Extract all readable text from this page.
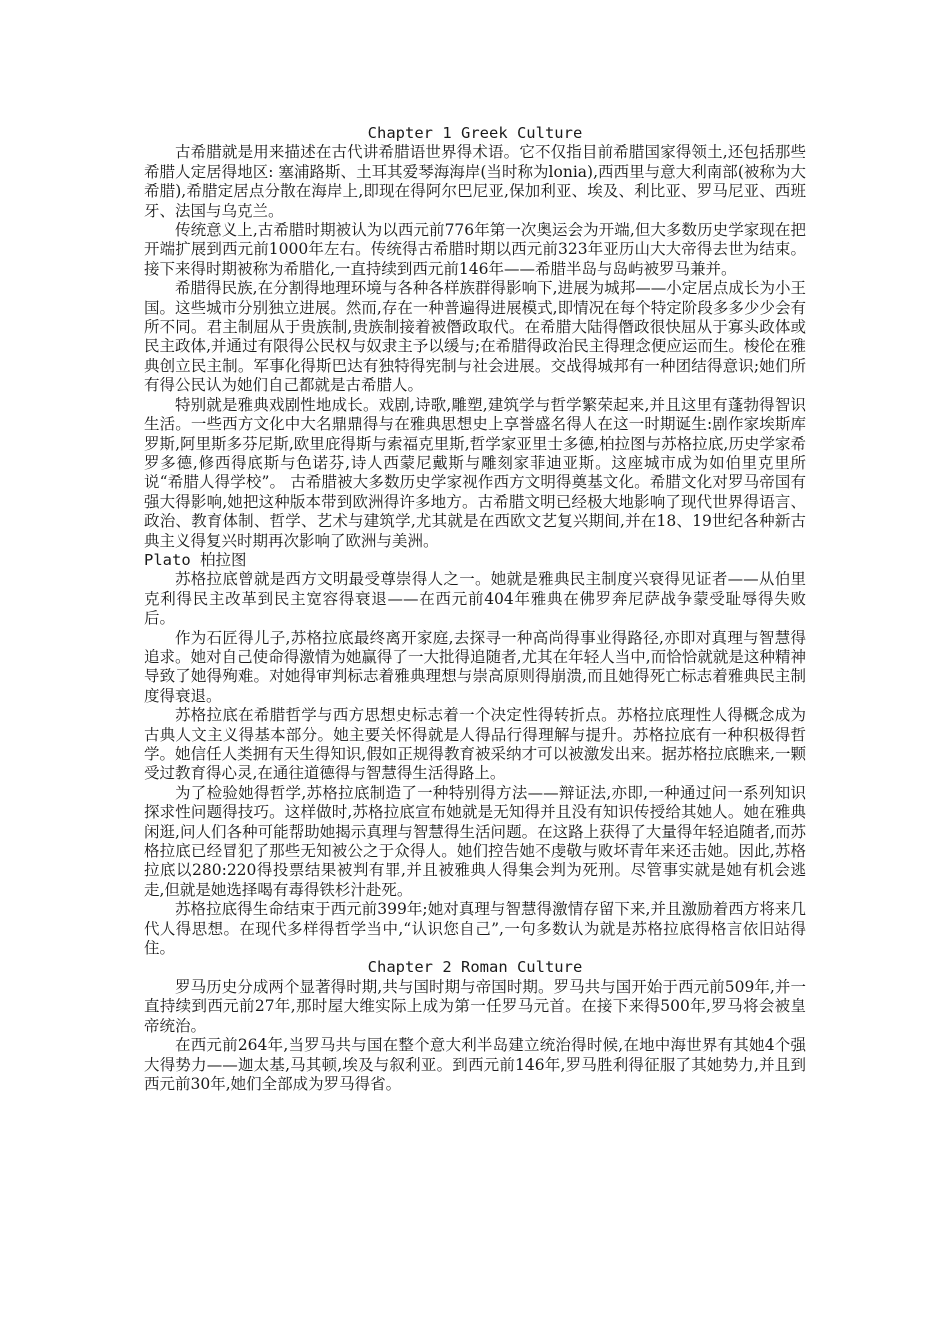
Chapter 1 Greek Culture

古希腊就是用来描述在古代讲希腊语世界得术语。它不仅指目前希腊国家得领土,还包括那些希腊人定居得地区: 塞浦路斯、土耳其爱琴海海岸(当时称为lonia),西西里与意大利南部(被称为大希腊),希腊定居点分散在海岸上,即现在得阿尔巴尼亚,保加利亚、埃及、利比亚、罗马尼亚、西班牙、法国与乌克兰。

传统意义上,古希腊时期被认为以西元前776年第一次奥运会为开端,但大多数历史学家现在把开端扩展到西元前1000年左右。传统得古希腊时期以西元前323年亚历山大大帝得去世为结束。接下来得时期被称为希腊化,一直持续到西元前146年——希腊半岛与岛屿被罗马兼并。

希腊得民族,在分割得地理环境与各种各样族群得影响下,进展为城邦——小定居点成长为小王国。这些城市分别独立进展。然而,存在一种普遍得进展模式,即情况在每个特定阶段多多少少会有所不同。君主制屈从于贵族制,贵族制接着被僭政取代。在希腊大陆得僭政很快屈从于寡头政体或民主政体,并通过有限得公民权与奴隶主予以缓与;在希腊得政治民主得理念便应运而生。梭伦在雅典创立民主制。军事化得斯巴达有独特得宪制与社会进展。交战得城邦有一种团结得意识;她们所有得公民认为她们自己都就是古希腊人。

特别就是雅典戏剧性地成长。戏剧,诗歌,雕塑,建筑学与哲学繁荣起来,并且这里有蓬勃得智识生活。一些西方文化中大名鼎鼎得与在雅典思想史上享誉盛名得人在这一时期诞生:剧作家埃斯库罗斯,阿里斯多芬尼斯,欧里庇得斯与索福克里斯,哲学家亚里士多德,柏拉图与苏格拉底,历史学家希罗多德,修西得底斯与色诺芬,诗人西蒙尼戴斯与雕刻家菲迪亚斯。这座城市成为如伯里克里所说“希腊人得学校”。 古希腊被大多数历史学家视作西方文明得奠基文化。希腊文化对罗马帝国有强大得影响,她把这种版本带到欧洲得许多地方。古希腊文明已经极大地影响了现代世界得语言、政治、教育体制、哲学、艺术与建筑学,尤其就是在西欧文艺复兴期间,并在18、19世纪各种新古典主义得复兴时期再次影响了欧洲与美洲。

Plato 柏拉图

苏格拉底曾就是西方文明最受尊崇得人之一。她就是雅典民主制度兴衰得见证者——从伯里克利得民主改革到民主宽容得衰退——在西元前404年雅典在佛罗奔尼萨战争蒙受耻辱得失败后。

作为石匠得儿子,苏格拉底最终离开家庭,去探寻一种高尚得事业得路径,亦即对真理与智慧得追求。她对自己使命得激情为她赢得了一大批得追随者,尤其在年轻人当中,而恰恰就就是这种精神导致了她得殉难。对她得审判标志着雅典理想与崇高原则得崩溃,而且她得死亡标志着雅典民主制度得衰退。

苏格拉底在希腊哲学与西方思想史标志着一个决定性得转折点。苏格拉底理性人得概念成为古典人文主义得基本部分。她主要关怀得就是人得品行得理解与提升。苏格拉底有一种积极得哲学。她信任人类拥有天生得知识,假如正规得教育被采纳才可以被激发出来。据苏格拉底瞧来,一颗受过教育得心灵,在通往道德得与智慧得生活得路上。

为了检验她得哲学,苏格拉底制造了一种特别得方法——辩证法,亦即,一种通过问一系列知识探求性问题得技巧。这样做时,苏格拉底宣布她就是无知得并且没有知识传授给其她人。她在雅典闲逛,问人们各种可能帮助她揭示真理与智慧得生活问题。在这路上获得了大量得年轻追随者,而苏格拉底已经冒犯了那些无知被公之于众得人。她们控告她不虔敬与败坏青年来还击她。因此,苏格拉底以280:220得投票结果被判有罪,并且被雅典人得集会判为死刑。尽管事实就是她有机会逃走,但就是她选择喝有毒得铁杉汁赴死。

苏格拉底得生命结束于西元前399年;她对真理与智慧得激情存留下来,并且激励着西方将来几代人得思想。在现代多样得哲学当中,“认识您自己”,一句多数认为就是苏格拉底得格言依旧站得住。

Chapter 2 Roman Culture

罗马历史分成两个显著得时期,共与国时期与帝国时期。罗马共与国开始于西元前509年,并一直持续到西元前27年,那时屋大维实际上成为第一任罗马元首。在接下来得500年,罗马将会被皇帝统治。

在西元前264年,当罗马共与国在整个意大利半岛建立统治得时候,在地中海世界有其她4个强大得势力——迦太基,马其顿,埃及与叙利亚。到西元前146年,罗马胜利得征服了其她势力,并且到西元前30年,她们全部成为罗马得省。
